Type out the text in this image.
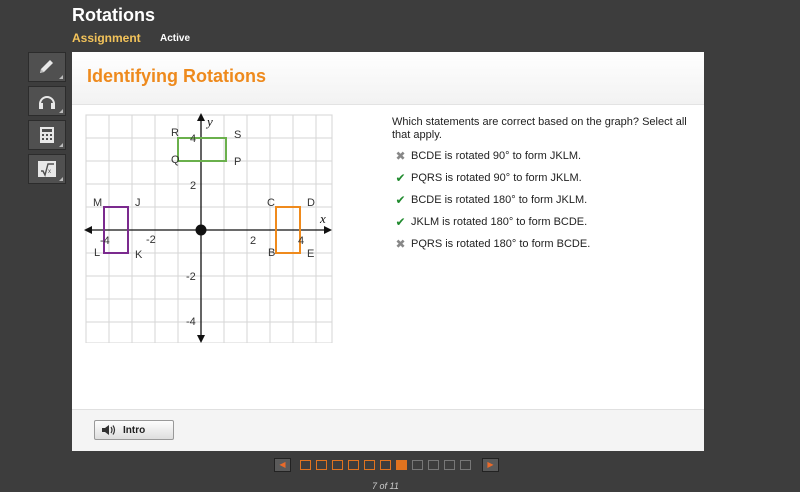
Rotations
Assignment Active
x
Identifying Rotations
-4	-2	2	4
4
2
-2
-4
y
x
R	S
Q	P
M	J
L	K
C	D
B	E
Which statements are correct based on the graph? Select all that apply.
✖ BCDE is rotated 90° to form JKLM.
✔ PQRS is rotated 90° to form JKLM.
✔ BCDE is rotated 180° to form JKLM.
✔ JKLM is rotated 180° to form BCDE.
✖ PQRS is rotated 180° to form BCDE.
Intro
◀	▶
7 of 11
